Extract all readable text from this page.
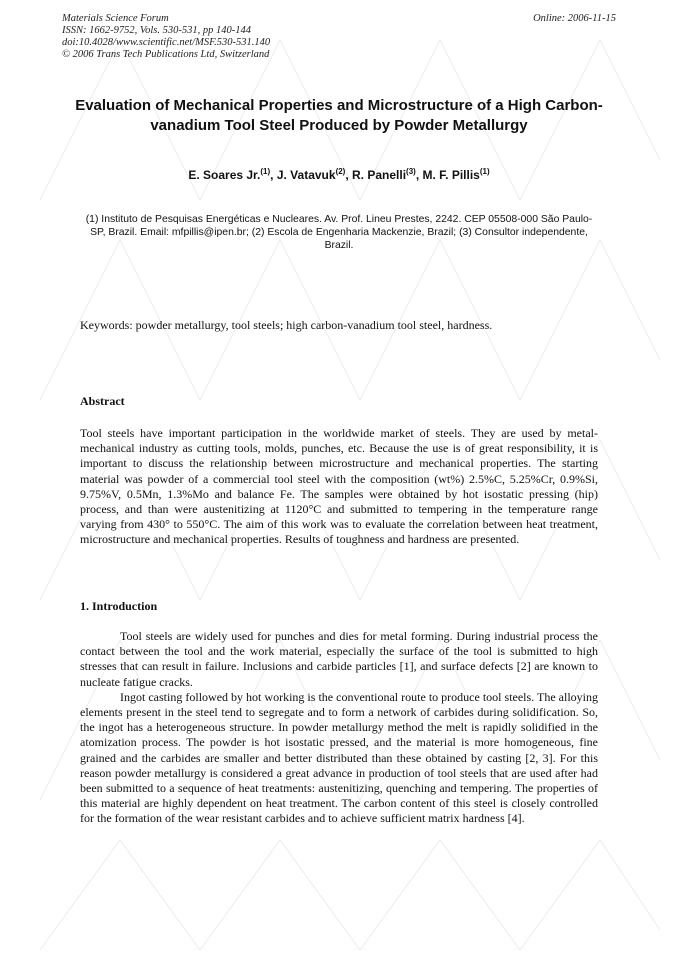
Materials Science Forum
ISSN: 1662-9752, Vols. 530-531, pp 140-144
doi:10.4028/www.scientific.net/MSF.530-531.140
© 2006 Trans Tech Publications Ltd, Switzerland
Online: 2006-11-15
Evaluation of Mechanical Properties and Microstructure of a High Carbon-vanadium Tool Steel Produced by Powder Metallurgy
E. Soares Jr.$^{(1)}$, J. Vatavuk$^{(2)}$, R. Panelli$^{(3)}$, M. F. Pillis$^{(1)}$
(1) Instituto de Pesquisas Energéticas e Nucleares. Av. Prof. Lineu Prestes, 2242. CEP 05508-000 São Paulo-SP, Brazil. Email: mfpillis@ipen.br; (2) Escola de Engenharia Mackenzie, Brazil; (3) Consultor independente, Brazil.
Keywords: powder metallurgy, tool steels; high carbon-vanadium tool steel, hardness.
Abstract
Tool steels have important participation in the worldwide market of steels. They are used by metal-mechanical industry as cutting tools, molds, punches, etc. Because the use is of great responsibility, it is important to discuss the relationship between microstructure and mechanical properties. The starting material was powder of a commercial tool steel with the composition (wt%) 2.5%C, 5.25%Cr, 0.9%Si, 9.75%V, 0.5Mn, 1.3%Mo and balance Fe. The samples were obtained by hot isostatic pressing (hip) process, and than were austenitizing at 1120°C and submitted to tempering in the temperature range varying from 430° to 550°C. The aim of this work was to evaluate the correlation between heat treatment, microstructure and mechanical properties. Results of toughness and hardness are presented.
1. Introduction

Tool steels are widely used for punches and dies for metal forming. During industrial process the contact between the tool and the work material, especially the surface of the tool is submitted to high stresses that can result in failure. Inclusions and carbide particles [1], and surface defects [2] are known to nucleate fatigue cracks.

Ingot casting followed by hot working is the conventional route to produce tool steels. The alloying elements present in the steel tend to segregate and to form a network of carbides during solidification. So, the ingot has a heterogeneous structure. In powder metallurgy method the melt is rapidly solidified in the atomization process. The powder is hot isostatic pressed, and the material is more homogeneous, fine grained and the carbides are smaller and better distributed than these obtained by casting [2, 3]. For this reason powder metallurgy is considered a great advance in production of tool steels that are used after had been submitted to a sequence of heat treatments: austenitizing, quenching and tempering. The properties of this material are highly dependent on heat treatment. The carbon content of this steel is closely controlled for the formation of the wear resistant carbides and to achieve sufficient matrix hardness [4].
